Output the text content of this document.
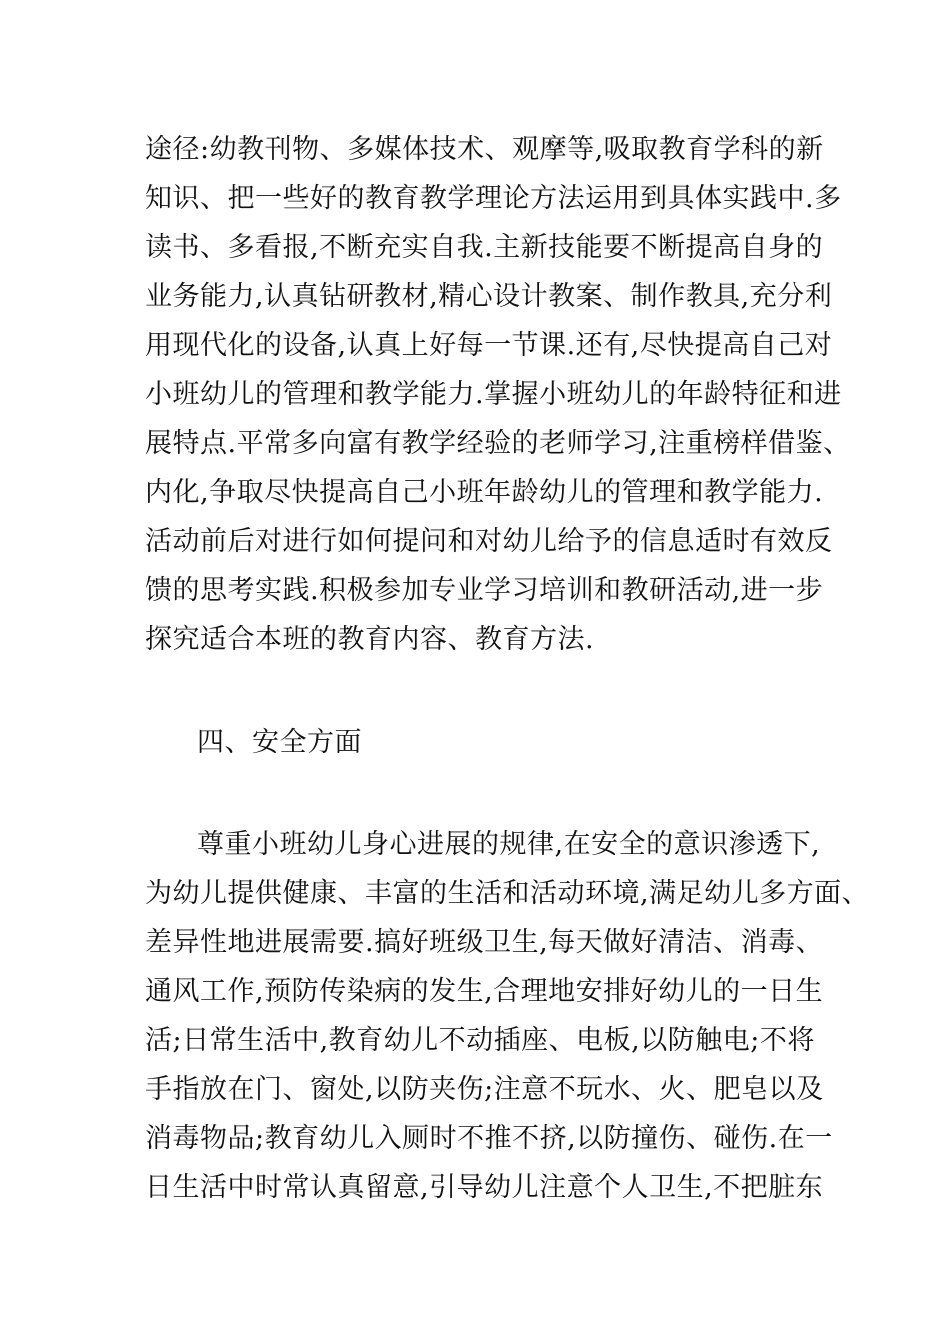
途径:幼教刊物、多媒体技术、观摩等,吸取教育学科的新
知识、把一些好的教育教学理论方法运用到具体实践中.多
读书、多看报,不断充实自我.主新技能要不断提高自身的
业务能力,认真钻研教材,精心设计教案、制作教具,充分利
用现代化的设备,认真上好每一节课.还有,尽快提高自己对
小班幼儿的管理和教学能力.掌握小班幼儿的年龄特征和进
展特点.平常多向富有教学经验的老师学习,注重榜样借鉴、
内化,争取尽快提高自己小班年龄幼儿的管理和教学能力.
活动前后对进行如何提问和对幼儿给予的信息适时有效反
馈的思考实践.积极参加专业学习培训和教研活动,进一步
探究适合本班的教育内容、教育方法.
四、安全方面
尊重小班幼儿身心进展的规律,在安全的意识渗透下,
为幼儿提供健康、丰富的生活和活动环境,满足幼儿多方面、
差异性地进展需要.搞好班级卫生,每天做好清洁、消毒、
通风工作,预防传染病的发生,合理地安排好幼儿的一日生
活;日常生活中,教育幼儿不动插座、电板,以防触电;不将
手指放在门、窗处,以防夹伤;注意不玩水、火、肥皂以及
消毒物品;教育幼儿入厕时不推不挤,以防撞伤、碰伤.在一
日生活中时常认真留意,引导幼儿注意个人卫生,不把脏东
